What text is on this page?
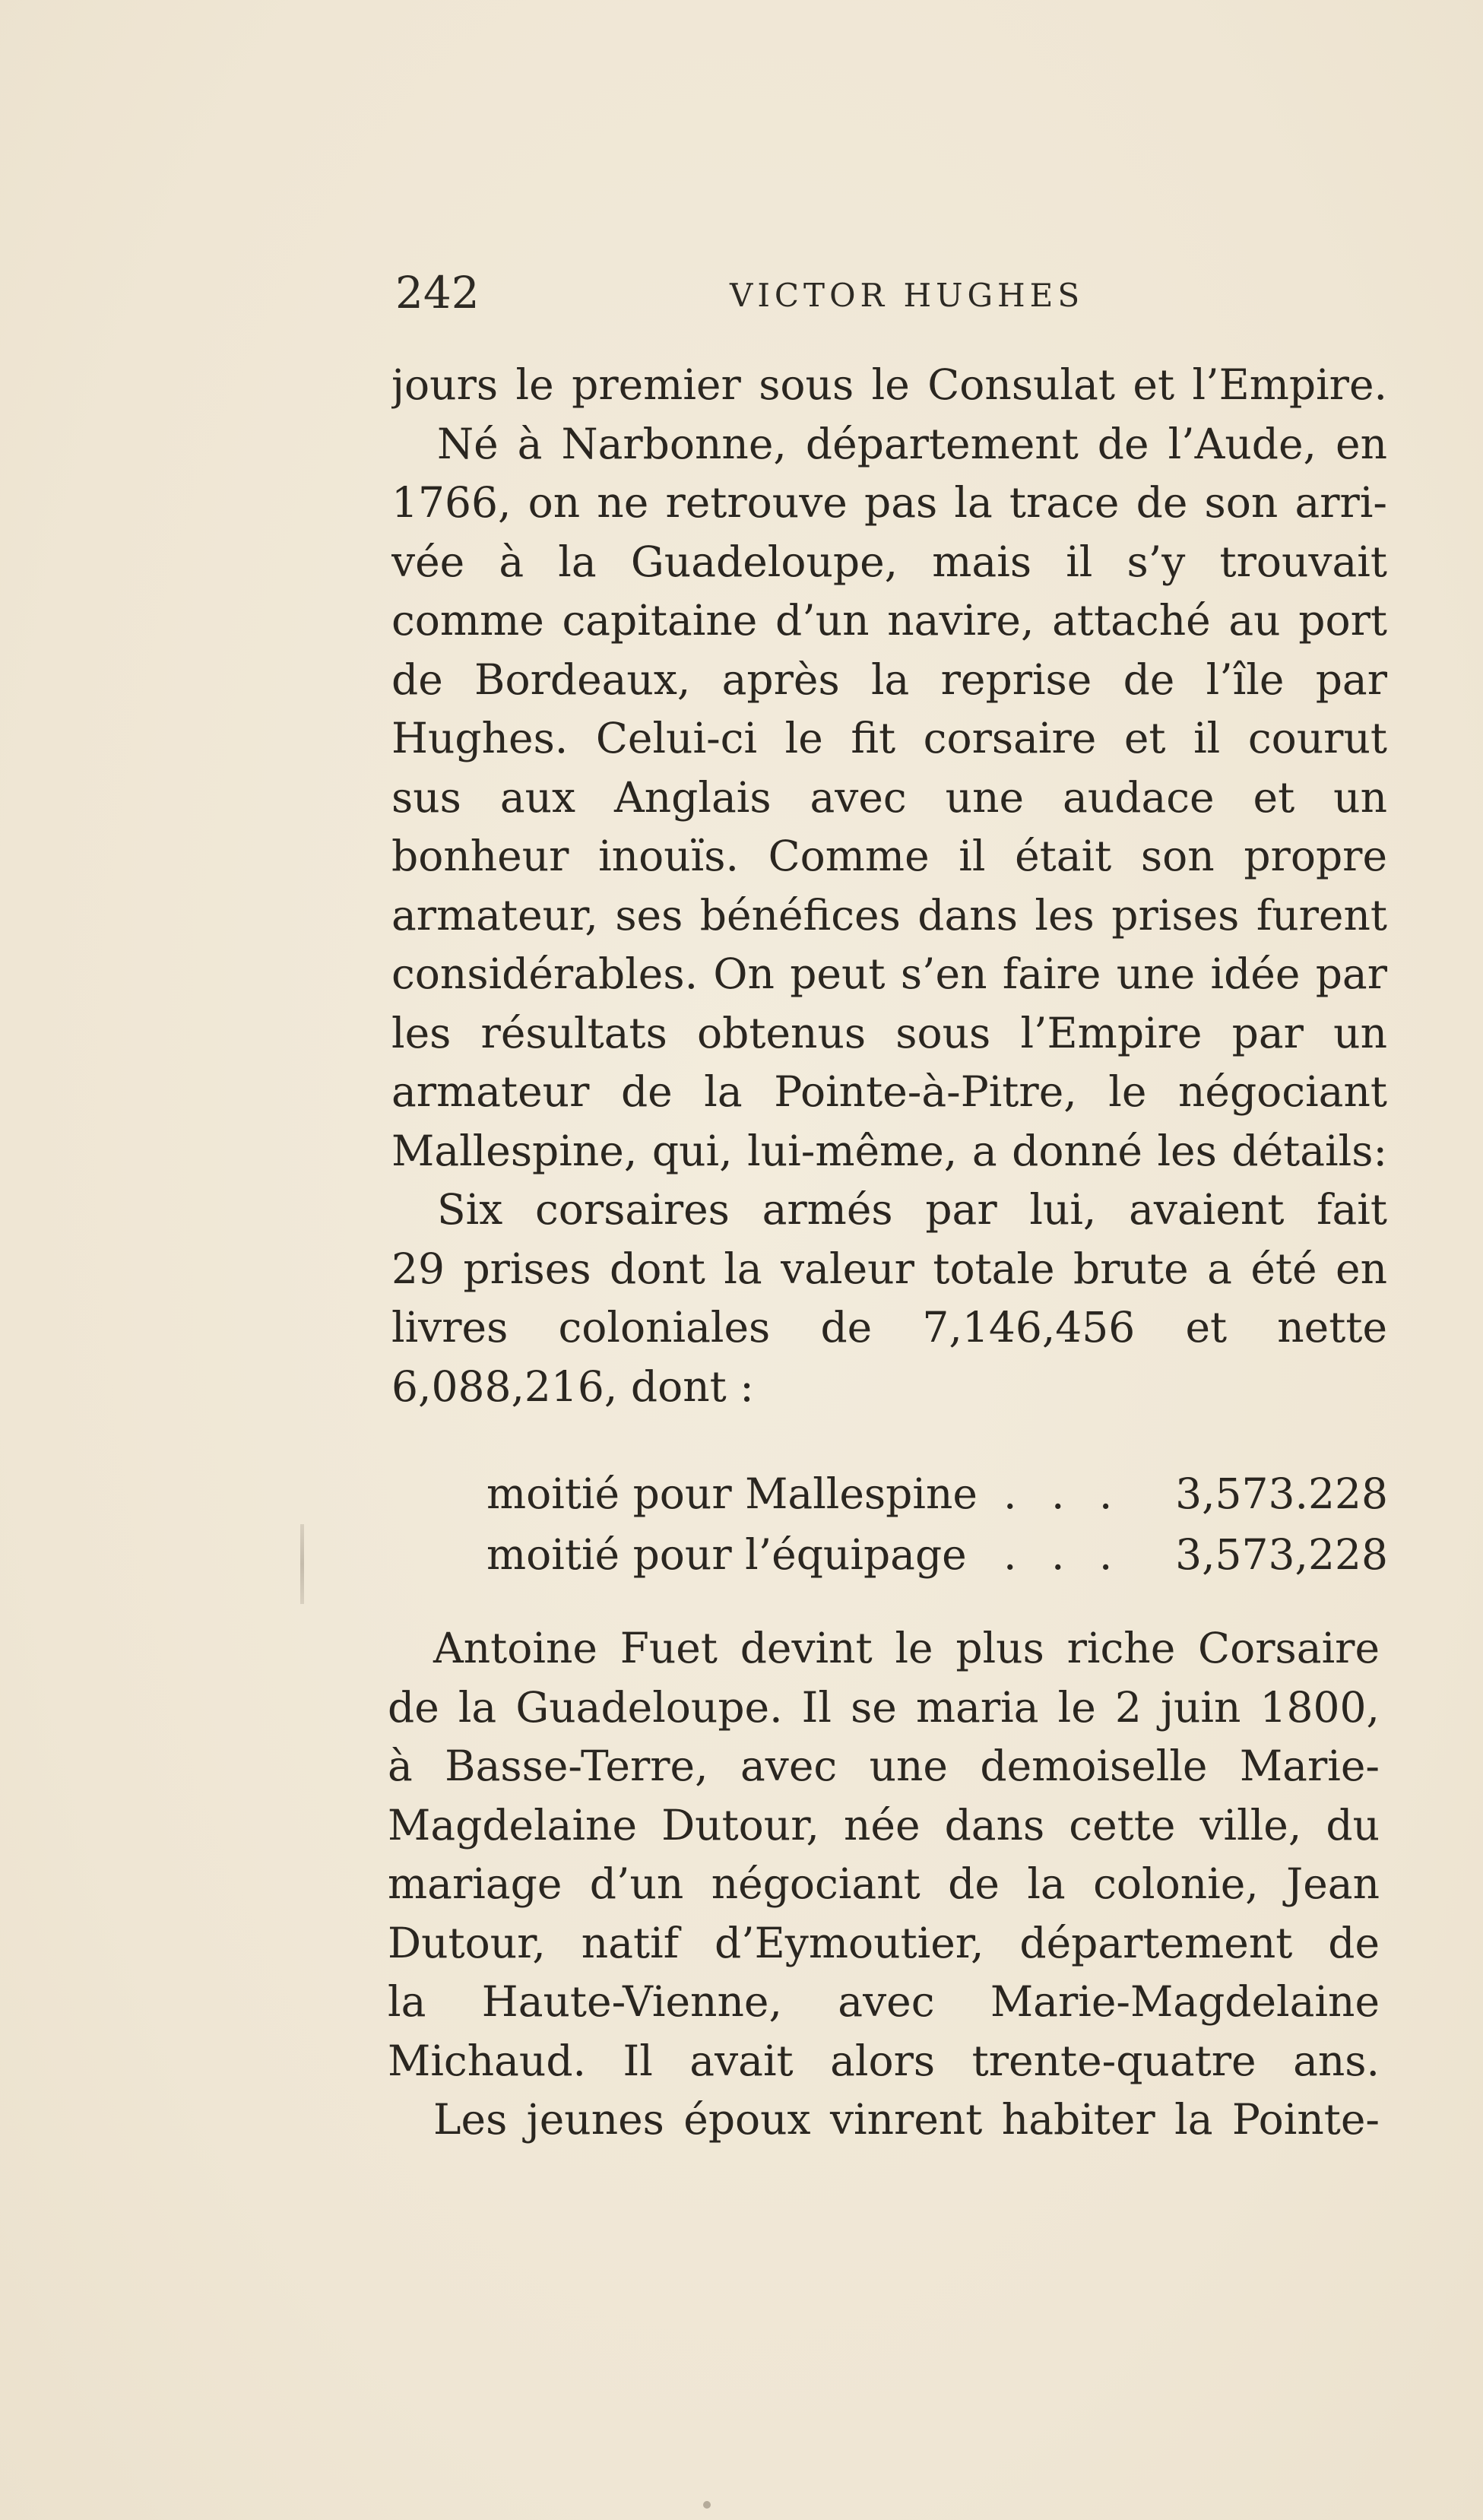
242	VICTOR HUGHES
jours le premier sous le Consulat et l’Empire.
Né à Narbonne, département de l’Aude, en
1766, on ne retrouve pas la trace de son arri-
vée à la Guadeloupe, mais il s’y trouvait
comme capitaine d’un navire, attaché au port
de Bordeaux, après la reprise de l’île par
Hughes. Celui-ci le fit corsaire et il courut
sus aux Anglais avec une audace et un
bonheur inouïs. Comme il était son propre
armateur, ses bénéfices dans les prises furent
considérables. On peut s’en faire une idée par
les résultats obtenus sous l’Empire par un
armateur de la Pointe-à-Pitre, le négociant
Mallespine, qui, lui-même, a donné les détails:
Six corsaires armés par lui, avaient fait
29 prises dont la valeur totale brute a été en
livres coloniales de 7,146,456 et nette
6,088,216, dont :
moitié pour Mallespine . . . 3,573.228
moitié pour l’équipage . . . 3,573,228
Antoine Fuet devint le plus riche Corsaire
de la Guadeloupe. Il se maria le 2 juin 1800,
à Basse-Terre, avec une demoiselle Marie-
Magdelaine Dutour, née dans cette ville, du
mariage d’un négociant de la colonie, Jean
Dutour, natif d’Eymoutier, département de
la Haute-Vienne, avec Marie-Magdelaine
Michaud. Il avait alors trente-quatre ans.
Les jeunes époux vinrent habiter la Pointe-
